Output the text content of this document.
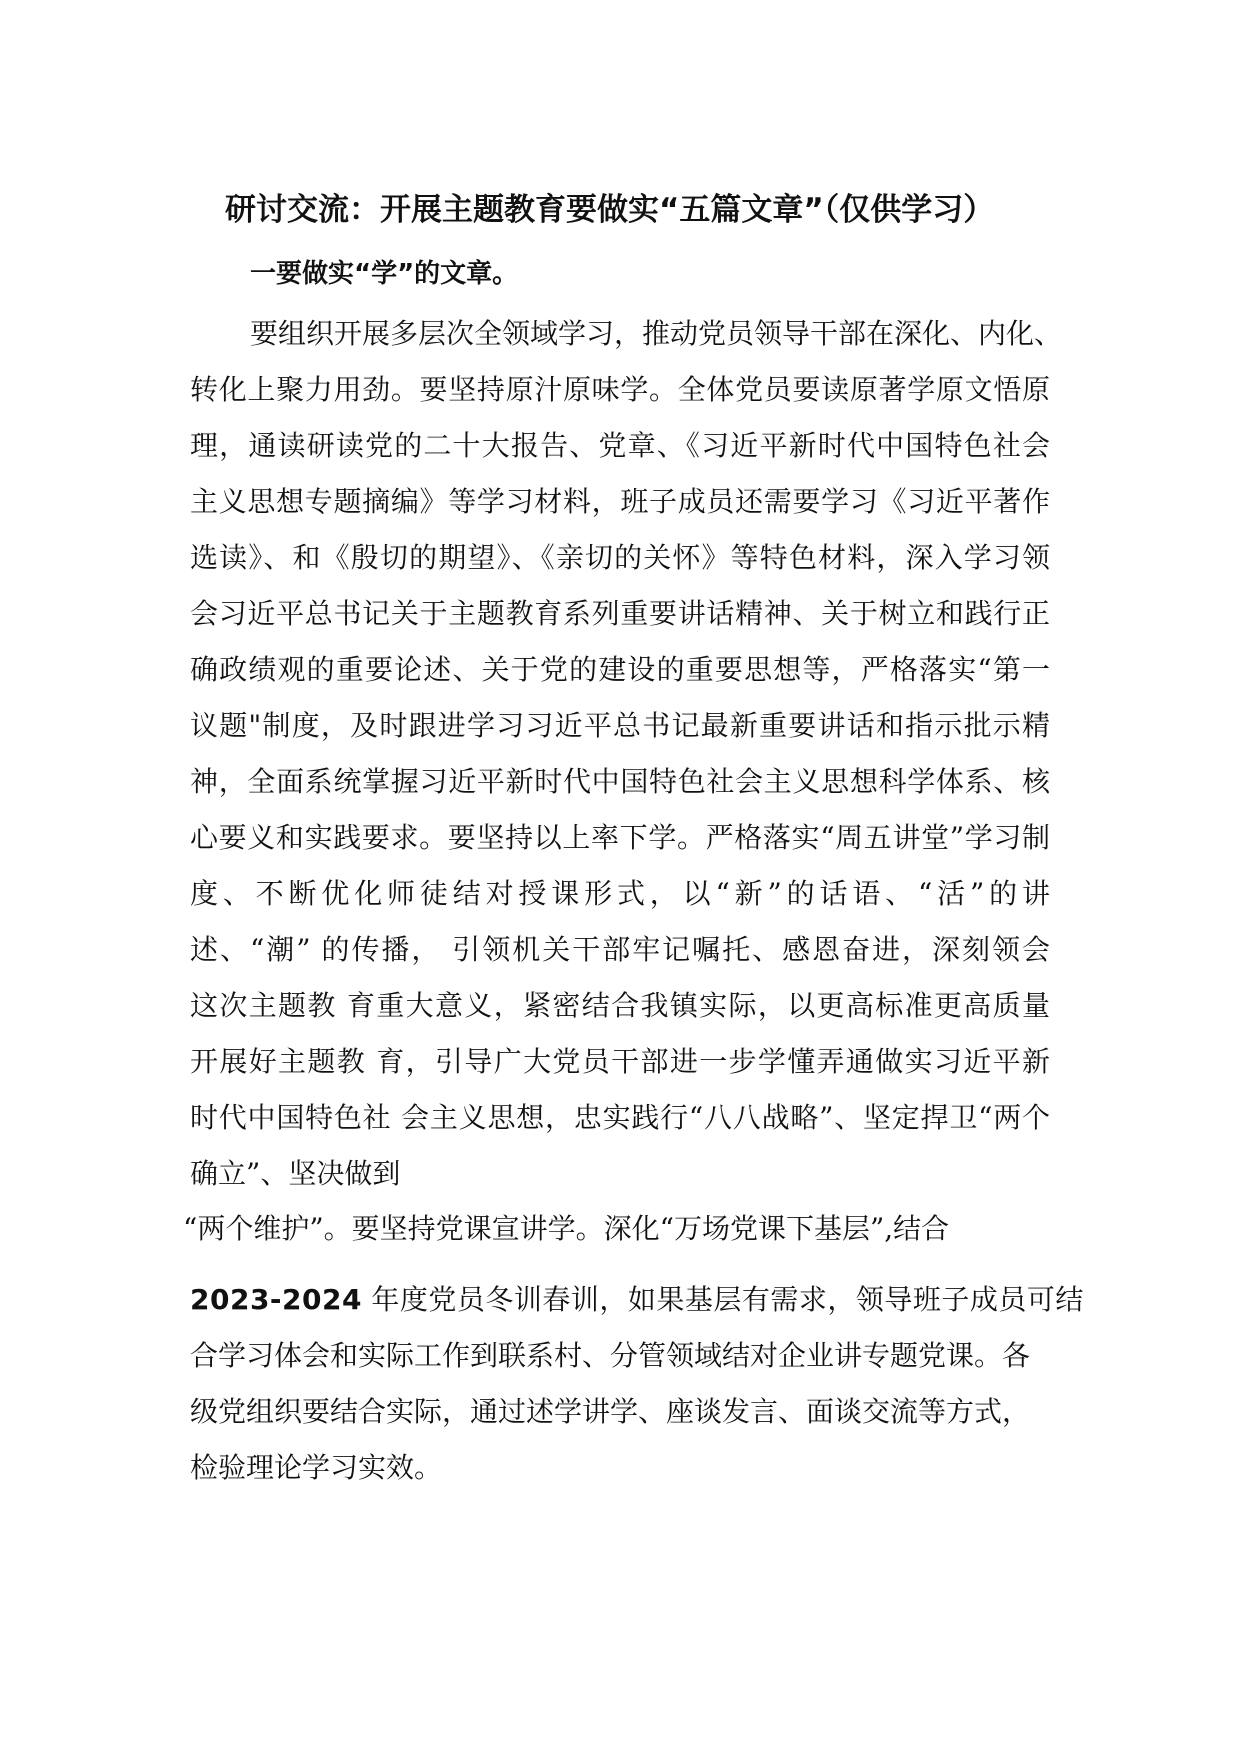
研讨交流：开展主题教育要做实“五篇文章”（仅供学习）
一要做实“学”的文章。
要组织开展多层次全领域学习，推动党员领导干部在深化、内化、
转化上聚力用劲。要坚持原汁原味学。全体党员要读原著学原文悟原
理，通读研读党的二十大报告、党章、《习近平新时代中国特色社会
主义思想专题摘编》等学习材料，班子成员还需要学习《习近平著作
选读》、和《殷切的期望》、《亲切的关怀》等特色材料，深入学习领
会习近平总书记关于主题教育系列重要讲话精神、关于树立和践行正
确政绩观的重要论述、关于党的建设的重要思想等，严格落实“第一
议题"制度，及时跟进学习习近平总书记最新重要讲话和指示批示精
神，全面系统掌握习近平新时代中国特色社会主义思想科学体系、核
心要义和实践要求。要坚持以上率下学。严格落实“周五讲堂”学习制
度、不断优化师徒结对授课形式，以“新”的话语、“活”的讲
述、“潮” 的传播， 引领机关干部牢记嘱托、感恩奋进，深刻领会
这次主题教 育重大意义，紧密结合我镇实际，以更高标准更高质量
开展好主题教 育，引导广大党员干部进一步学懂弄通做实习近平新
时代中国特色社 会主义思想，忠实践行“八八战略”、坚定捍卫“两个
确立”、坚决做到
“两个维护”。要坚持党课宣讲学。深化“万场党课下基层”,结合
2023-2024 年度党员冬训春训，如果基层有需求，领导班子成员可结
合学习体会和实际工作到联系村、分管领域结对企业讲专题党课。各
级党组织要结合实际，通过述学讲学、座谈发言、面谈交流等方式，
检验理论学习实效。
